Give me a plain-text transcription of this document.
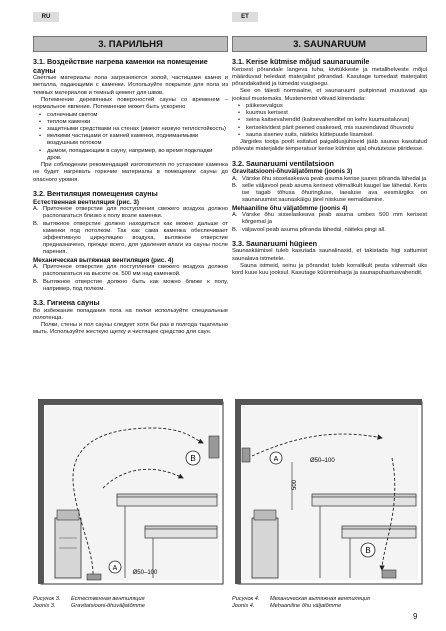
RU	ET
3. ПАРИЛЬНЯ
3.1. Воздействие нагрева каменки на помещение сауны

Светлые материалы пола загрязняются золой, частицами камня и металла, падающими с каменки. Используйте покрытия для пола из темных материалов и темный цемент для швов.

Потемнение деревянных поверхностей сауны со временем – нормальное явление. Потемнение может быть ускорено

• солнечным светом
• теплом каменки
• защитными средствами на стенах (имеют низкую теплостойкость)
• мелкими частицами от камней каменки, поднимаемыми воздушным потоком
• дымом, попадающим в сауну, например, во время подкладки дров.

При соблюдении рекомендаций изготовителя по установке каменка не будет нагревать горючие материалы в помещении сауны до опасного уровня.

3.2. Вентиляция помещения сауны
Естественная вентиляция (рис. 3)
A. Приточное отверстие для поступления свежего воздуха должно располагаться близко к полу возле каменки.
B. вытяжное отверстие должно находиться как можно дальше от каменки под потолком. Так как сама каменка обеспечивает эффективную циркуляцию воздуха, вытяжное отверстие предназначено, прежде всего, для удаления влаги из сауны после парения.
Механическая вытяжная вентиляция (рис. 4)
A. Приточное отверстие для поступления свежего воздуха должно располагаться на высоте ок. 500 мм над каменкой.
B. Вытяжное отверстие должно быть как можно ближе к полу, например, под полком.
3.3. Гигиена сауны

Во избежание попадания пота на полки используйте специальные полотенца.

Полки, стены и пол сауны следует хотя бы раз в полгода тщательно мыть. Используйте жесткую щетку и чистящее средство для саун.

3. SAUNARUUM
3.1. Kerise kütmise mõjud saunaruumile

Kerisest põrandale langeva tuha, kivitükkeste ja metallhelveste mõjul määrduvad heledast materjalist põrandad. Kasutage tumedast materjalist põrandakatteid ja tumedat vuugisegu.

See on täiesti normaalne, et saunaruumi puitpinnad muutuvad aja jooksul mustemaks. Mustenemist võivad kiirendada:

• päikesevalgus
• kuumus kerisest
• seina kaitsevahendid (kaitsevahenditel on kehv kuumustaluvus)
• kerisekividest pärit peened osakesed, mis suurendavad õhuvoolu
• sauna sisenev suits, näiteks küttepuude lisamisel.

Järgides tootja poolt esitatud paigaldusjuhiseid jääb saunas kasutatud põlevate materjalide temperatuur kerise kütmise ajal ohututesse piiridesse.

3.2. Saunaruumi ventilatsioon
Gravitatsiooni-õhuväljatõmme (joonis 3)
A. Värske õhu sisselaskeava peab asuma kerise juures põranda lähedal ja
B. selle väljavool peab asuma kerisest võimalikult kaugel lae lähedal. Keris ise tagab tõhusa õhuringluse, laealuse ava eesmärgiks on saunaruumist saunaskäigu järel niiskuse eemaldamine.
Mehaaniline õhu väljatõmme (joonis 4)
A. Värske õhu sisselaskeava peab asuma umbes 500 mm kerisest kõrgemal ja
B. väljavool peab asuma põranda lähedal, näiteks pingi all.
3.3. Saunaruumi hügieen

Saunaskäimisel tuleb kasutada saunalinasid, et takistada higi sattumist saunalava istmetele.

Sauna istmeid, seinu ja põrandat tuleb korralikult pesta vähemalt üks kord kuue kuu jooksul. Kasutage küürimisharja ja saunapuhastusvahendit.

B
A
Ø50–100
500
A	Ø50–100
B
Рисунок 3. Естественная вентиляция
Joonis 3.	Gravitatsiooni-õhuväljatõmme
Рисунок 4. Механическая вытяжная вентиляция
Joonis 4.	Mehaaniline õhu väljatõmme
9
